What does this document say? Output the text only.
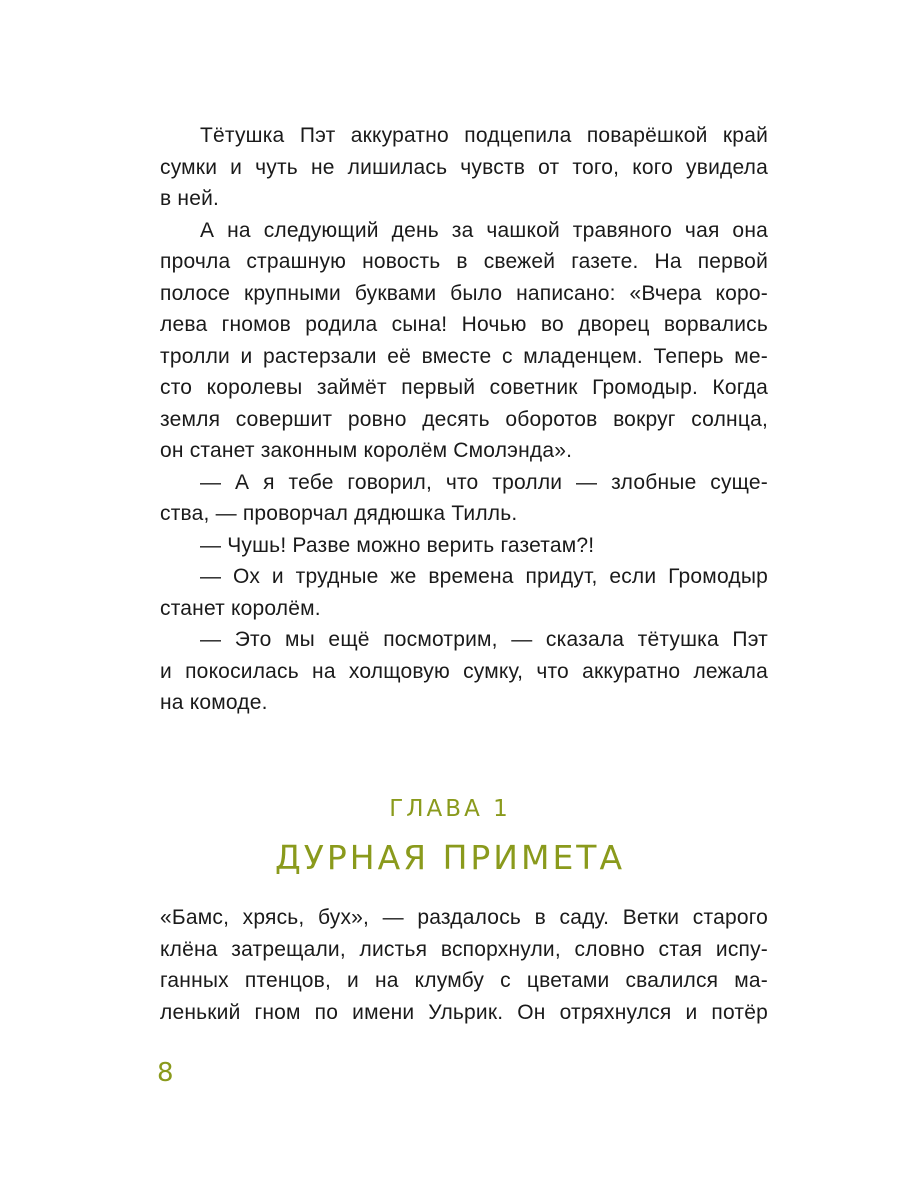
Тётушка Пэт аккуратно подцепила поварёшкой край
сумки и чуть не лишилась чувств от того, кого увидела
в ней.
А на следующий день за чашкой травяного чая она
прочла страшную новость в свежей газете. На первой
полосе крупными буквами было написано: «Вчера коро-
лева гномов родила сына! Ночью во дворец ворвались
тролли и растерзали её вместе с младенцем. Теперь ме-
сто королевы займёт первый советник Громодыр. Когда
земля совершит ровно десять оборотов вокруг солнца,
он станет законным королём Смолэнда».
— А я тебе говорил, что тролли — злобные суще-
ства, — проворчал дядюшка Тилль.
— Чушь! Разве можно верить газетам?!
— Ох и трудные же времена придут, если Громодыр
станет королём.
— Это мы ещё посмотрим, — сказала тётушка Пэт
и покосилась на холщовую сумку, что аккуратно лежала
на комоде.
ГЛАВА 1
ДУРНАЯ ПРИМЕТА
«Бамс, хрясь, бух», — раздалось в саду. Ветки старого
клёна затрещали, листья вспорхнули, словно стая испу-
ганных птенцов, и на клумбу с цветами свалился ма-
ленький гном по имени Ульрик. Он отряхнулся и потёр
8
